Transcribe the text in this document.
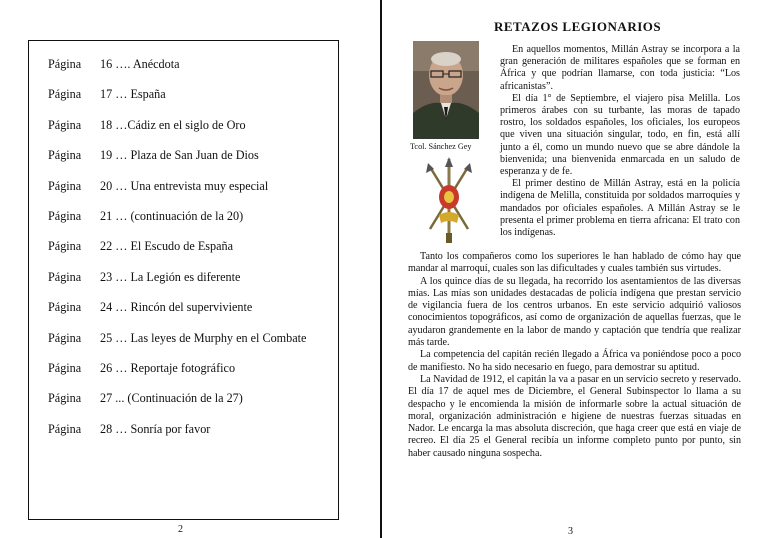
Página 16 …. Anécdota
Página 17 … España
Página 18 …Cádiz en el siglo de Oro
Página 19 … Plaza de San Juan de Dios
Página 20 … Una entrevista muy especial
Página 21 … (continuación de la 20)
Página 22 … El Escudo de España
Página 23 … La Legión es diferente
Página 24 … Rincón del superviviente
Página 25 … Las leyes de Murphy en el Combate
Página 26 … Reportaje fotográfico
Página 27 ... (Continuación de la 27)
Página 28 … Sonría por favor
2
RETAZOS LEGIONARIOS
Tcol. Sánchez Gey

En aquellos momentos, Millán Astray se incorpora a la gran generación de militares españoles que se forman en África y que podrían llamarse, con toda justicia: “Los africanistas”.

El día 1° de Septiembre, el viajero pisa Melilla. Los primeros árabes con su turbante, las moras de tapado rostro, los soldados españoles, los oficiales, los europeos que viven una situación singular, todo, en fin, está allí junto a él, como un mundo nuevo que se abre dándole la bienvenida; una bienvenida enmarcada en un saludo de esperanza y de fe.

El primer destino de Millán Astray, está en la policía indígena de Melilla, constituida por soldados marroquíes y mandados por oficiales españoles. A Millán Astray se le presenta el primer problema en tierra africana: El trato con los indígenas.

Tanto los compañeros como los superiores le han hablado de cómo hay que mandar al marroquí, cuales son las dificultades y cuales también sus virtudes.

A los quince días de su llegada, ha recorrido los asentamientos de las diversas mías. Las mías son unidades destacadas de policía indígena que prestan servicio de vigilancia fuera de los centros urbanos. En este servicio adquirió valiosos conocimientos topográficos, así como de organización de aquellas fuerzas, que le ayudaron grandemente en la labor de mando y captación que tendría que realizar más tarde.

La competencia del capitán recién llegado a África va poniéndose poco a poco de manifiesto. No ha sido necesario en fuego, para demostrar su aptitud.

La Navidad de 1912, el capitán la va a pasar en un servicio secreto y reservado. El día 17 de aquel mes de Diciembre, el General Subinspector lo llama a su despacho y le encomienda la misión de informarle sobre la actual situación de moral, organización administración e higiene de nuestras fuerzas situadas en Nador. Le encarga la mas absoluta discreción, que haga creer que está en viaje de recreo. El día 25 el General recibía un informe completo punto por punto, sin haber causado ninguna sospecha.

3
